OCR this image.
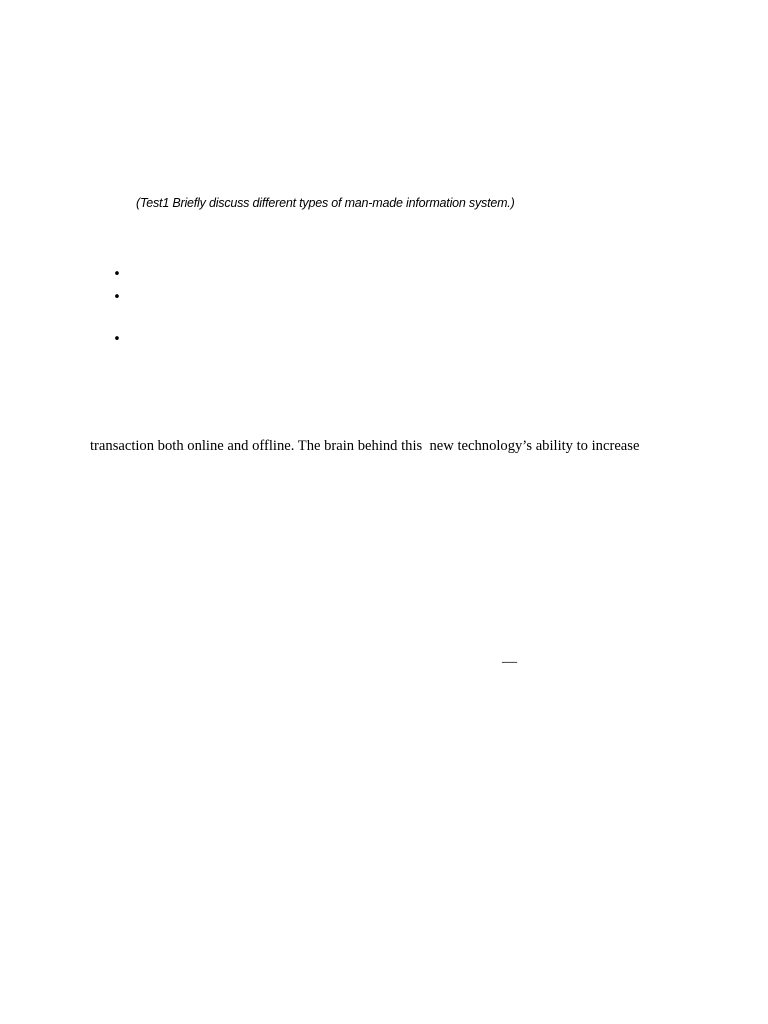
(Test1 Briefly discuss different types of man-made information system.)
•
•
•
transaction both online and offline. The brain behind this  new technology’s ability to increase
—
